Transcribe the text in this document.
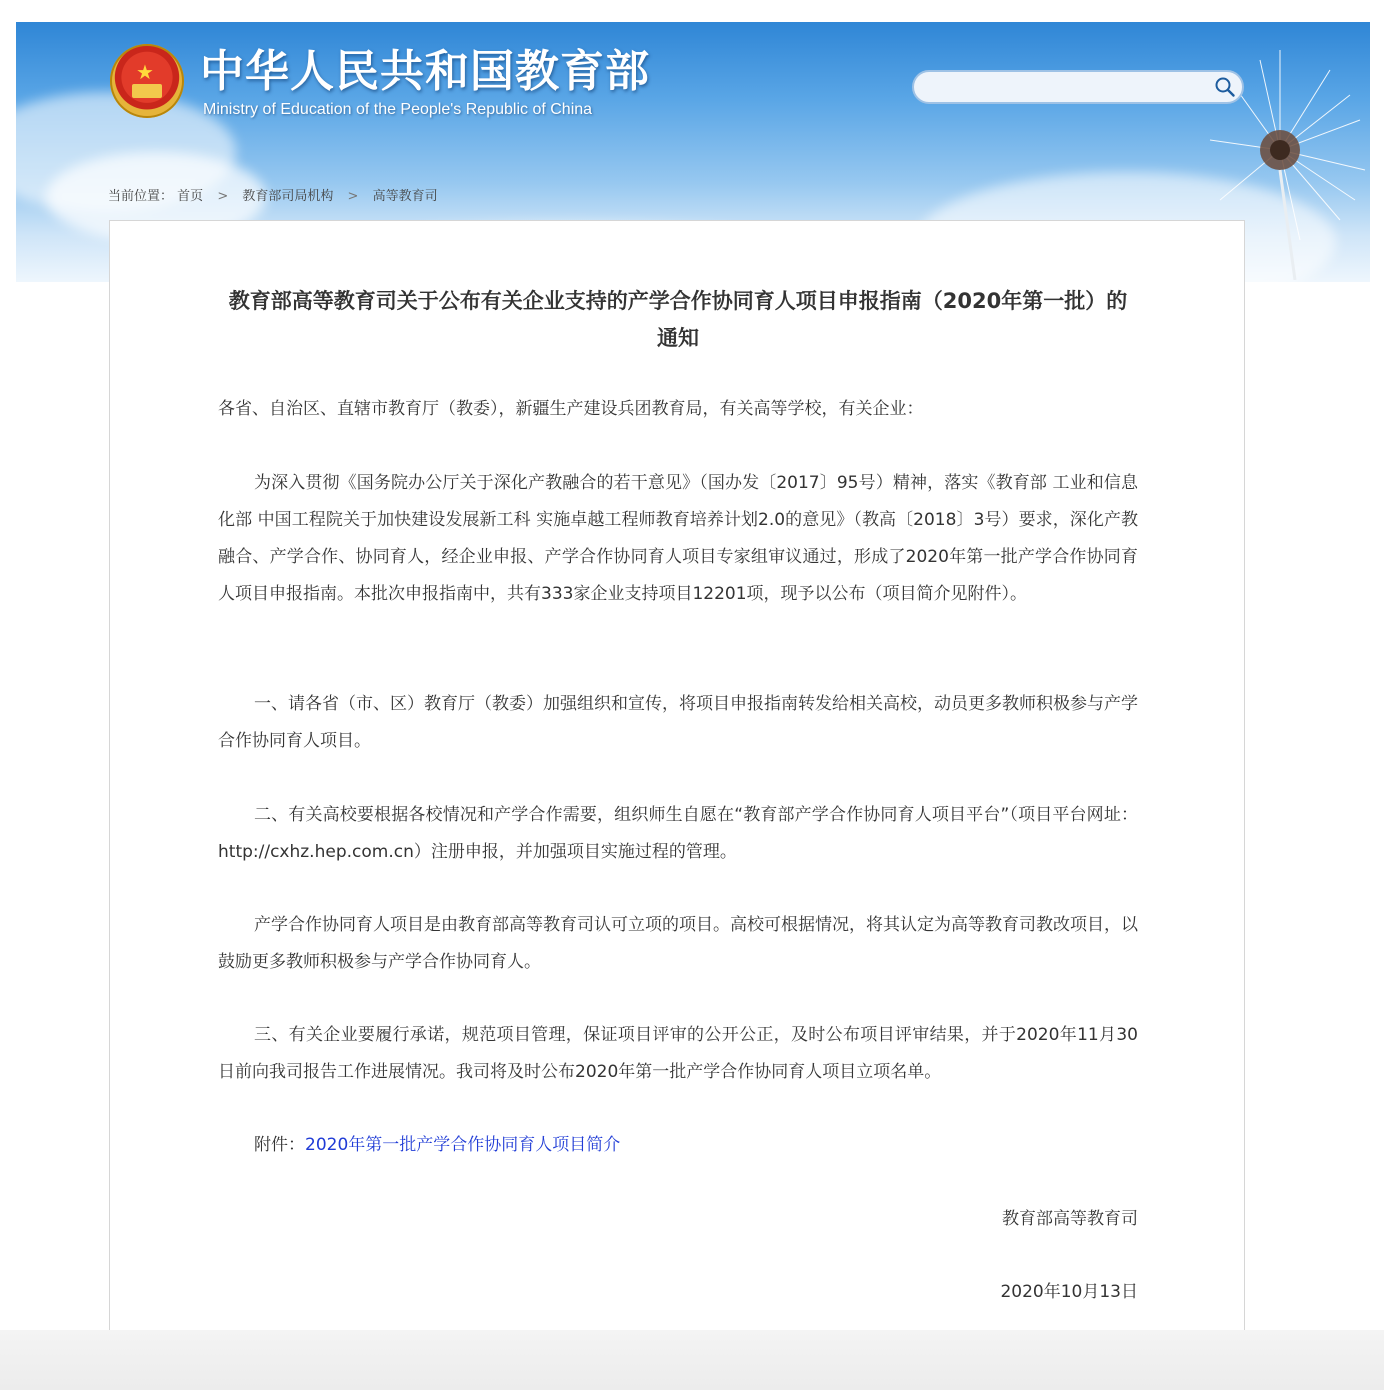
★ 中华人民共和国教育部
Ministry of Education of the People's Republic of China
当前位置： 首页 > 教育部司局机构 > 高等教育司
教育部高等教育司关于公布有关企业支持的产学合作协同育人项目申报指南（2020年第一批）的通知
各省、自治区、直辖市教育厅（教委），新疆生产建设兵团教育局，有关高等学校，有关企业：
为深入贯彻《国务院办公厅关于深化产教融合的若干意见》（国办发〔2017〕95号）精神，落实《教育部 工业和信息化部 中国工程院关于加快建设发展新工科 实施卓越工程师教育培养计划2.0的意见》（教高〔2018〕3号）要求，深化产教融合、产学合作、协同育人，经企业申报、产学合作协同育人项目专家组审议通过，形成了2020年第一批产学合作协同育人项目申报指南。本批次申报指南中，共有333家企业支持项目12201项，现予以公布（项目简介见附件）。
一、请各省（市、区）教育厅（教委）加强组织和宣传，将项目申报指南转发给相关高校，动员更多教师积极参与产学合作协同育人项目。
二、有关高校要根据各校情况和产学合作需要，组织师生自愿在“教育部产学合作协同育人项目平台”（项目平台网址：http://cxhz.hep.com.cn）注册申报，并加强项目实施过程的管理。
产学合作协同育人项目是由教育部高等教育司认可立项的项目。高校可根据情况，将其认定为高等教育司教改项目，以鼓励更多教师积极参与产学合作协同育人。
三、有关企业要履行承诺，规范项目管理，保证项目评审的公开公正，及时公布项目评审结果，并于2020年11月30日前向我司报告工作进展情况。我司将及时公布2020年第一批产学合作协同育人项目立项名单。
附件：2020年第一批产学合作协同育人项目简介
教育部高等教育司
2020年10月13日
